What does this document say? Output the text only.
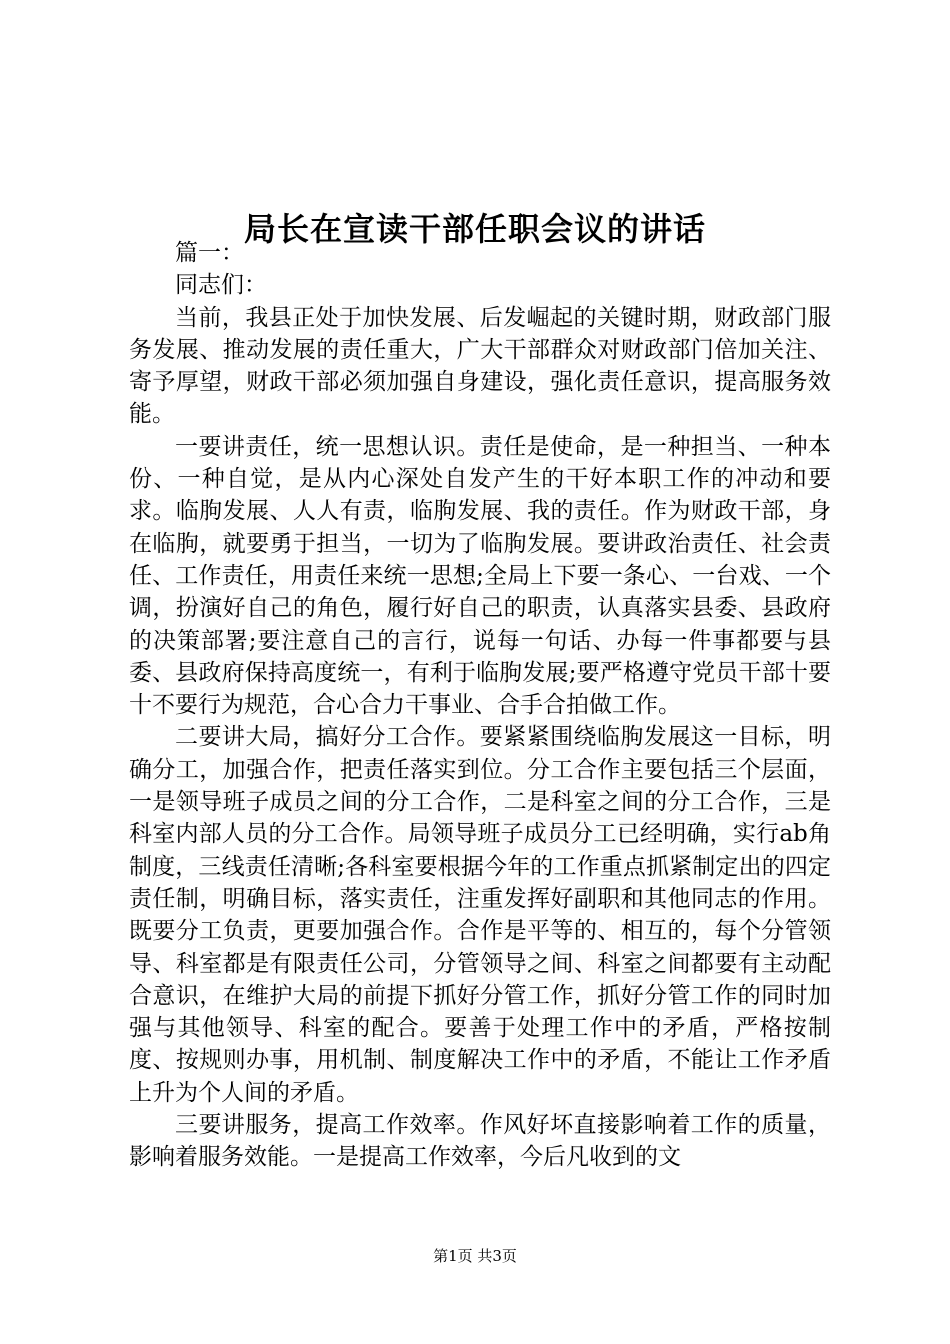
局长在宣读干部任职会议的讲话

篇一：

同志们：

当前，我县正处于加快发展、后发崛起的关键时期，财政部门服务发展、推动发展的责任重大，广大干部群众对财政部门倍加关注、寄予厚望，财政干部必须加强自身建设，强化责任意识，提高服务效能。

一要讲责任，统一思想认识。责任是使命，是一种担当、一种本份、一种自觉，是从内心深处自发产生的干好本职工作的冲动和要求。临朐发展、人人有责，临朐发展、我的责任。作为财政干部，身在临朐，就要勇于担当，一切为了临朐发展。要讲政治责任、社会责任、工作责任，用责任来统一思想;全局上下要一条心、一台戏、一个调，扮演好自己的角色，履行好自己的职责，认真落实县委、县政府的决策部署;要注意自己的言行，说每一句话、办每一件事都要与县委、县政府保持高度统一，有利于临朐发展;要严格遵守党员干部十要十不要行为规范，合心合力干事业、合手合拍做工作。

二要讲大局，搞好分工合作。要紧紧围绕临朐发展这一目标，明确分工，加强合作，把责任落实到位。分工合作主要包括三个层面，一是领导班子成员之间的分工合作，二是科室之间的分工合作，三是科室内部人员的分工合作。局领导班子成员分工已经明确，实行ab角制度，三线责任清晰;各科室要根据今年的工作重点抓紧制定出的四定责任制，明确目标，落实责任，注重发挥好副职和其他同志的作用。既要分工负责，更要加强合作。合作是平等的、相互的，每个分管领导、科室都是有限责任公司，分管领导之间、科室之间都要有主动配合意识，在维护大局的前提下抓好分管工作，抓好分管工作的同时加强与其他领导、科室的配合。要善于处理工作中的矛盾，严格按制度、按规则办事，用机制、制度解决工作中的矛盾，不能让工作矛盾上升为个人间的矛盾。

三要讲服务，提高工作效率。作风好坏直接影响着工作的质量，影响着服务效能。一是提高工作效率，今后凡收到的文

第1页 共3页
